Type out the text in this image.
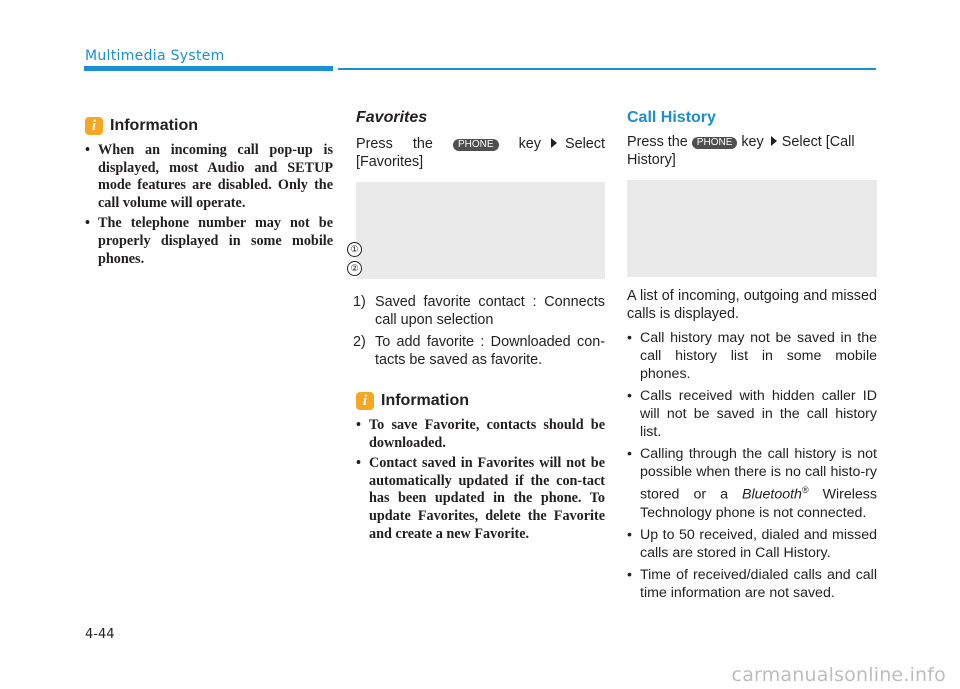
Multimedia System
i Information
• When an incoming call pop-up is displayed, most Audio and SETUP mode features are disabled. Only the call volume will operate.
• The telephone number may not be properly displayed in some mobile phones.
Favorites
Press the	PHONE key Select [Favorites]
①
②
1) Saved favorite contact : Connects call upon selection
2) To add favorite : Downloaded con-tacts be saved as favorite.
i Information
• To save Favorite, contacts should be downloaded.
• Contact saved in Favorites will not be automatically updated if the con-tact has been updated in the phone. To update Favorites, delete the Favorite and create a new Favorite.
Call History
Press the PHONE key Select [Call History]
A list of incoming, outgoing and missed calls is displayed.
• Call history may not be saved in the call history list in some mobile phones.
• Calls received with hidden caller ID will not be saved in the call history list.
• Calling through the call history is not possible when there is no call histo-ry stored or a Bluetooth® Wireless Technology phone is not connected.
• Up to 50 received, dialed and missed calls are stored in Call History.
• Time of received/dialed calls and call time information are not saved.
4-44
carmanualsonline.info
